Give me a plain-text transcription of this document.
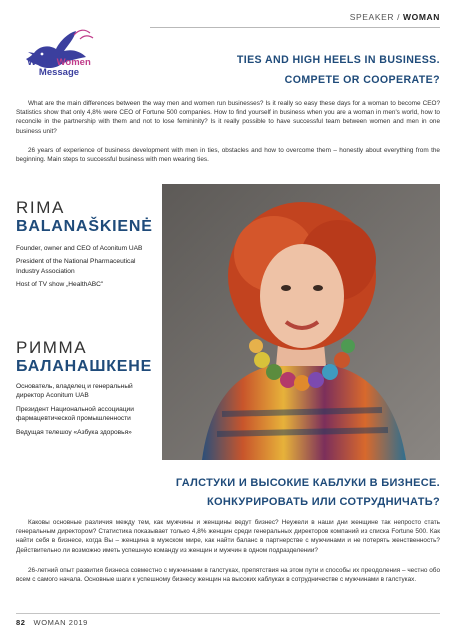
SPEAKER / WOMAN
World Women
Message
TIES AND HIGH HEELS IN BUSINESS.
COMPETE OR COOPERATE?
What are the main differences between the way men and women run businesses? Is it really so easy these days for a woman to become CEO? Statistics show that only 4,8% were CEO of Fortune 500 companies. How to find yourself in business when you are a woman in men's world, how to reconcile in the partnership with them and not to lose femininity? Is it really possible to have successful team between women and men in one business unit?
26 years of experience of business development with men in ties, obstacles and how to overcome them – honestly about everything from the beginning. Main steps to successful business with men wearing ties.
RIMA
BALANAŠKIENĖ
Founder, owner and CEO of Aconitum UAB
President of the National Pharmaceutical Industry Association
Host of TV show „HealthABC"
РИММА
БАЛАНАШКЕНЕ
Основатель, владелец и генеральный директор Aconitum UAB
Президент Национальной ассоциации фармацевтической промышленности
Ведущая телешоу «Азбука здоровья»
ГАЛСТУКИ И ВЫСОКИЕ КАБЛУКИ В БИЗНЕСЕ.
КОНКУРИРОВАТЬ ИЛИ СОТРУДНИЧАТЬ?
Каковы основные различия между тем, как мужчины и женщины ведут бизнес? Неужели в наши дни женщине так непросто стать генеральным директором? Статистика показывает только 4,8% женщин среди генеральных директоров компаний из списка Fortune 500. Как найти себя в бизнесе, когда Вы – женщина в мужском мире, как найти баланс в партнерстве с мужчинами и не потерять женственность? Действительно ли возможно иметь успешную команду из женщин и мужчин в одном подразделении?
26-летний опыт развития бизнеса совместно с мужчинами в галстуках, препятствия на этом пути и способы их преодоления – честно обо всем с самого начала. Основные шаги к успешному бизнесу женщин на высоких каблуках в сотрудничестве с мужчинами в галстуках.
82 WOMAN 2019
